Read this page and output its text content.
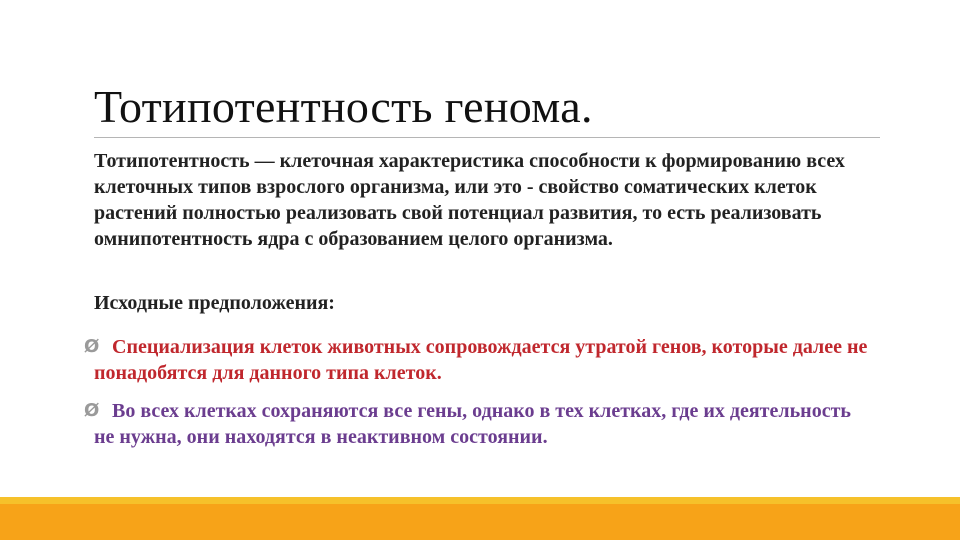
Тотипотентность генома.

Тотипотентность — клеточная характеристика способности к формированию всех клеточных типов взрослого организма, или это - свойство соматических клеток растений полностью реализовать свой потенциал развития, то есть реализовать омнипотентность ядра с образованием целого организма.

Исходные предположения:

Ø Специализация клеток животных сопровождается утратой генов, которые далее не понадобятся для данного типа клеток.

Ø Во всех клетках сохраняются все гены, однако в тех клетках, где их деятельность не нужна, они находятся в неактивном состоянии.
